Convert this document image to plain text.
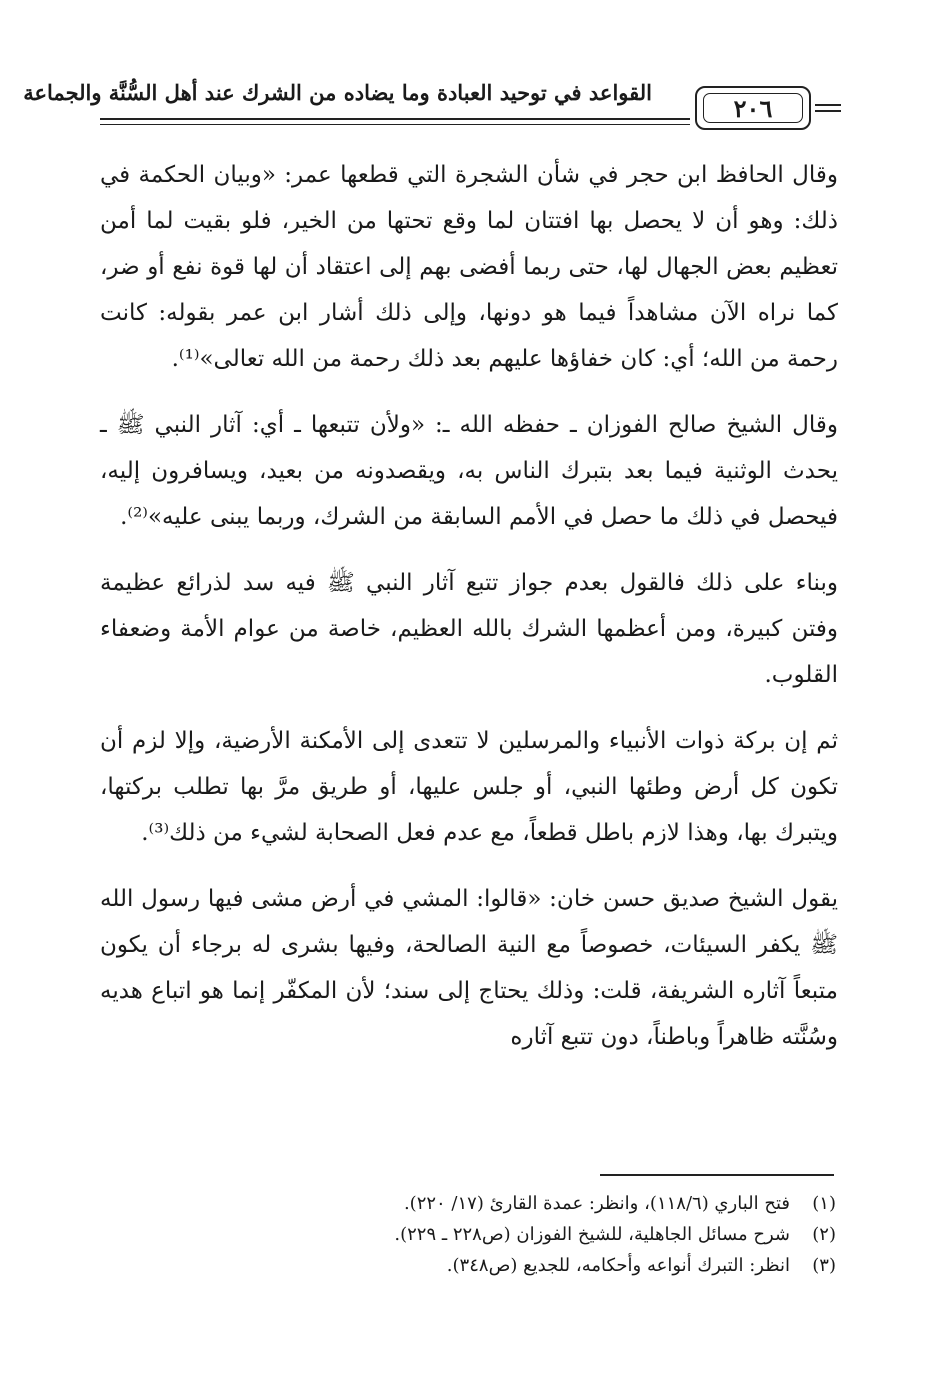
القواعد في توحيد العبادة وما يضاده من الشرك عند أهل السُّنَّة والجماعة
٢٠٦

وقال الحافظ ابن حجر في شأن الشجرة التي قطعها عمر: «وبيان الحكمة في ذلك: وهو أن لا يحصل بها افتتان لما وقع تحتها من الخير، فلو بقيت لما أمن تعظيم بعض الجهال لها، حتى ربما أفضى بهم إلى اعتقاد أن لها قوة نفع أو ضر، كما نراه الآن مشاهداً فيما هو دونها، وإلى ذلك أشار ابن عمر بقوله: كانت رحمة من الله؛ أي: كان خفاؤها عليهم بعد ذلك رحمة من الله تعالى»⁽¹⁾.

وقال الشيخ صالح الفوزان ـ حفظه الله ـ: «ولأن تتبعها ـ أي: آثار النبي ﷺ ـ يحدث الوثنية فيما بعد بتبرك الناس به، ويقصدونه من بعيد، ويسافرون إليه، فيحصل في ذلك ما حصل في الأمم السابقة من الشرك، وربما يبنى عليه»⁽²⁾.

وبناء على ذلك فالقول بعدم جواز تتبع آثار النبي ﷺ فيه سد لذرائع عظيمة وفتن كبيرة، ومن أعظمها الشرك بالله العظيم، خاصة من عوام الأمة وضعفاء القلوب.

ثم إن بركة ذوات الأنبياء والمرسلين لا تتعدى إلى الأمكنة الأرضية، وإلا لزم أن تكون كل أرض وطئها النبي، أو جلس عليها، أو طريق مرَّ بها تطلب بركتها، ويتبرك بها، وهذا لازم باطل قطعاً، مع عدم فعل الصحابة لشيء من ذلك⁽³⁾.

يقول الشيخ صديق حسن خان: «قالوا: المشي في أرض مشى فيها رسول الله ﷺ يكفر السيئات، خصوصاً مع النية الصالحة، وفيها بشرى له برجاء أن يكون متبعاً آثاره الشريفة، قلت: وذلك يحتاج إلى سند؛ لأن المكفّر إنما هو اتباع هديه وسُنَّته ظاهراً وباطناً، دون تتبع آثاره

(١)
فتح الباري (١١٨/٦)، وانظر: عمدة القارئ (١٧/ ٢٢٠).
(٢)
شرح مسائل الجاهلية، للشيخ الفوزان (ص٢٢٨ ـ ٢٢٩).
(٣)
انظر: التبرك أنواعه وأحكامه، للجديع (ص٣٤٨).
